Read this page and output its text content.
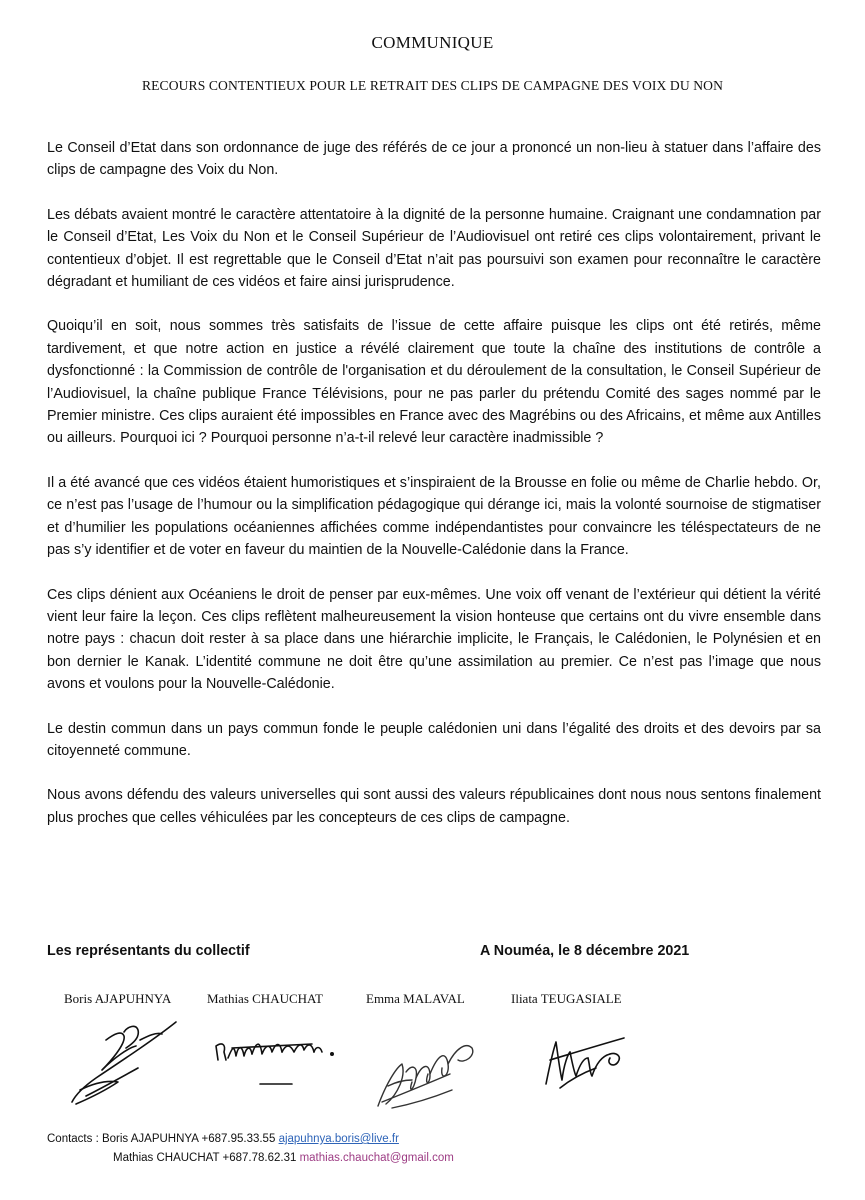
COMMUNIQUE
RECOURS CONTENTIEUX POUR LE RETRAIT DES CLIPS DE CAMPAGNE DES VOIX DU NON

Le Conseil d’Etat dans son ordonnance de juge des référés de ce jour a prononcé un non-lieu à statuer dans l’affaire des clips de campagne des Voix du Non.

Les débats avaient montré le caractère attentatoire à la dignité de la personne humaine. Craignant une condamnation par le Conseil d’Etat, Les Voix du Non et le Conseil Supérieur de l’Audiovisuel ont retiré ces clips volontairement, privant le contentieux d’objet. Il est regrettable que le Conseil d’Etat n’ait pas poursuivi son examen pour reconnaître le caractère dégradant et humiliant de ces vidéos et faire ainsi jurisprudence.

Quoiqu’il en soit, nous sommes très satisfaits de l’issue de cette affaire puisque les clips ont été retirés, même tardivement, et que notre action en justice a révélé clairement que toute la chaîne des institutions de contrôle a dysfonctionné : la Commission de contrôle de l'organisation et du déroulement de la consultation, le Conseil Supérieur de l’Audiovisuel, la chaîne publique France Télévisions, pour ne pas parler du prétendu Comité des sages nommé par le Premier ministre. Ces clips auraient été impossibles en France avec des Magrébins ou des Africains, et même aux Antilles ou ailleurs. Pourquoi ici ? Pourquoi personne n’a-t-il relevé leur caractère inadmissible ?

Il a été avancé que ces vidéos étaient humoristiques et s’inspiraient de la Brousse en folie ou même de Charlie hebdo. Or, ce n’est pas l’usage de l’humour ou la simplification pédagogique qui dérange ici, mais la volonté sournoise de stigmatiser et d’humilier les populations océaniennes affichées comme indépendantistes pour convaincre les téléspectateurs de ne pas s’y identifier et de voter en faveur du maintien de la Nouvelle-Calédonie dans la France.

Ces clips dénient aux Océaniens le droit de penser par eux-mêmes. Une voix off venant de l’extérieur qui détient la vérité vient leur faire la leçon. Ces clips reflètent malheureusement la vision honteuse que certains ont du vivre ensemble dans notre pays : chacun doit rester à sa place dans une hiérarchie implicite, le Français, le Calédonien, le Polynésien et en bon dernier le Kanak. L’identité commune ne doit être qu’une assimilation au premier. Ce n’est pas l’image que nous avons et voulons pour la Nouvelle-Calédonie.

Le destin commun dans un pays commun fonde le peuple calédonien uni dans l’égalité des droits et des devoirs par sa citoyenneté commune.

Nous avons défendu des valeurs universelles qui sont aussi des valeurs républicaines dont nous nous sentons finalement plus proches que celles véhiculées par les concepteurs de ces clips de campagne.

Les représentants du collectif	A Nouméa, le 8 décembre 2021
Boris AJAPUHNYA	Mathias CHAUCHAT	Emma MALAVAL	Iliata TEUGASIALE
Contacts : Boris AJAPUHNYA +687.95.33.55 ajapuhnya.boris@live.fr
Mathias CHAUCHAT +687.78.62.31 mathias.chauchat@gmail.com
